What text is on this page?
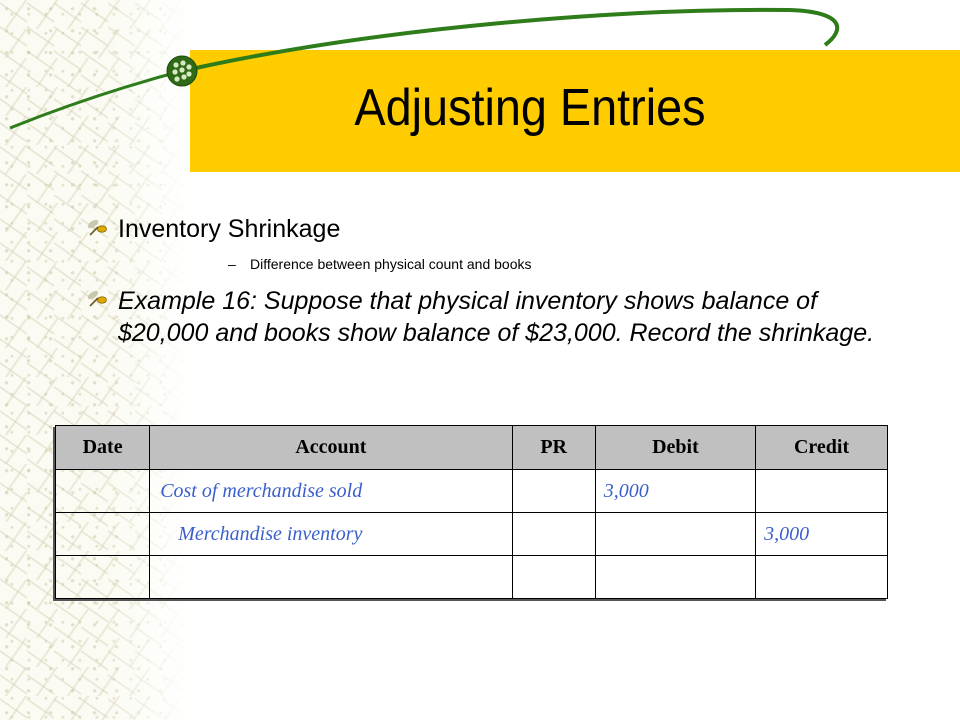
Adjusting Entries
Inventory Shrinkage
– Difference between physical count and books
Example 16: Suppose that physical inventory shows balance of $20,000 and books show balance of $23,000. Record the shrinkage.
Date	Account	PR	Debit	Credit
	Cost of merchandise sold		3,000	
	Merchandise inventory			3,000
